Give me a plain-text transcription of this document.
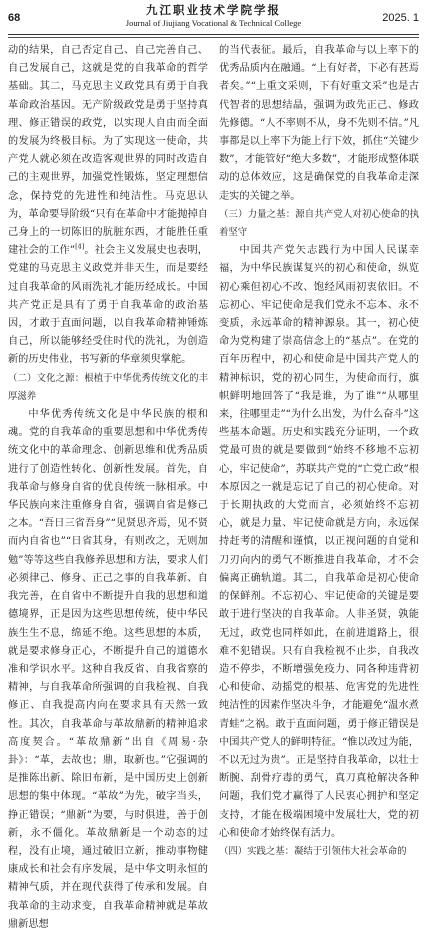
68
九江职业技术学院学报
Journal of Jiujiang Vocational & Technical College	2025. 1

动的结果，自己否定自己、自己完善自己、自己发展自己，这就是党的自我革命的哲学基础。其二，马克思主义政党具有勇于自我革命政治基因。无产阶级政党是勇于坚持真理、修正错误的政党，以实现人自由而全面的发展为终极目标。为了实现这一使命，共产党人就必须在改造客观世界的同时改造自己的主观世界，加强党性锻炼，坚定理想信念，保持党的先进性和纯洁性。马克思认为，革命要导阶级“只有在革命中才能抛掉自己身上的一切陈旧的肮脏东西，才能胜任重建社会的工作”[4]。社会主义发展史也表明，党建的马克思主义政党并非天生，而是要经过自我革命的风雨洗礼才能历经成长。中国共产党正是具有了勇于自我革命的政治基因，才敢于直面问题，以自我革命精神锤炼自己，所以能够经受住时代的洗礼，为创造新的历史伟业，书写新的华章须臾掌舵。

（二）文化之源：根植于中华优秀传统文化的丰厚滋养

中华优秀传统文化是中华民族的根和魂。党的自我革命的重要思想和中华优秀传统文化中的革命理念、创新思维和优秀品质进行了创造性转化、创新性发展。首先，自我革命与修身自省的优良传统一脉相承。中华民族向来注重修身自省，强调自省是修己之本。“吾日三省吾身”“见贤思齐焉，见不贤而内自省也”“日省其身，有则改之，无则加勉”等等这些自我修养思想和方法，要求人们必须律己、修身、正己之事的自我革新、自我完善，在自省中不断提升自我的思想和道德境界，正是因为这些思想传统，使中华民族生生不息，绵延不绝。这些思想的本质，就是要求修身正心，不断提升自己的道德水准和学识水平。这种自我反省、自我省察的精神，与自我革命所强调的自我检视、自我修正、自我提高内向在要求具有天然一致性。其次，自我革命与革故鼎新的精神追求高度契合。“革故鼎新”出自《周易·杂卦》：“革，去故也；鼎，取新也。”它强调的是推陈出新、除旧布新，是中国历史上创新思想的集中体现。“革故”为先，破字当头，挣正错误；“鼎新”为要，与时俱进，善于创新，永不僵化。革故鼎新是一个动态的过程，没有止境，通过破旧立新，推动事物健康成长和社会有序发展，是中华文明永恒的精神气质，并在现代获得了传承和发展。自我革命的主动求变，自我革命精神就是革故鼎新思想

的当代表征。最后，自我革命与以上率下的优秀品质内在融通。“上有好者，下必有甚焉者矣。”“上重文采则，下有好重文采”也是古代智者的思想结晶，强调为政先正己、修政先修德。“人不率则不从，身不先则不信。”凡事都是以上率下为能上行下效，抓住“关键少数”，才能管好“绝大多数”，才能形成整体联动的总体效应，这是确保党的自我革命走深走实的关键之举。

（三）力量之基：源自共产党人对初心使命的执着坚守

中国共产党矢志践行为中国人民谋幸福，为中华民族谋复兴的初心和使命，纵览初心乘但初心不改、饱经风雨初衷依旧。不忘初心、牢记使命是我们党永不忘本、永不变质，永远革命的精神源泉。其一，初心使命为党构建了崇高信念上的“基点”。在党的百年历程中，初心和使命是中国共产党人的精神标识，党的初心同生，为使命而行，旗帜鲜明地回答了“我是谁，为了谁”“从哪里来，往哪里走”“为什么出发，为什么奋斗”这些基本命题。历史和实践充分证明，一个政党最可贵的就是要做到“始终不移地不忘初心，牢记使命”，苏联共产党的“亡党亡政”根本原因之一就是忘记了自己的初心使命。对于长期执政的大党而言，必须始终不忘初心，就是力量、牢记使命就是方向，永远保持赶考的清醒和谨慎，以正视问题的自觉和刀刃向内的勇气不断推进自我革命，才不会偏离正确轨道。其二，自我革命是初心使命的保鲜剂。不忘初心、牢记使命的关键是要敢于进行坚决的自我革命。人非圣贤，孰能无过，政党也同样如此，在前进道路上，很难不犯错误。只有自我检视不止歩，自我改造不停歩，不断增强免疫力、同各种违背初心和使命、动摇党的根基、危害党的先进性纯洁性的因素作坚决斗争，才能避免“温水煮青蛙”之祸。敢于直面问题，勇于修正错误是中国共产党人的鲜明特征。“惟以改过为能，不以无过为贵”。正是坚持自我革命，以壮士断腕、刮骨疗毒的勇气，真刀真枪解决各种问题，我们党才赢得了人民衷心拥护和坚定支持，才能在极端困境中发展壮大，党的初心和使命才始终保有活力。

（四）实践之基：凝结于引领伟大社会革命的
